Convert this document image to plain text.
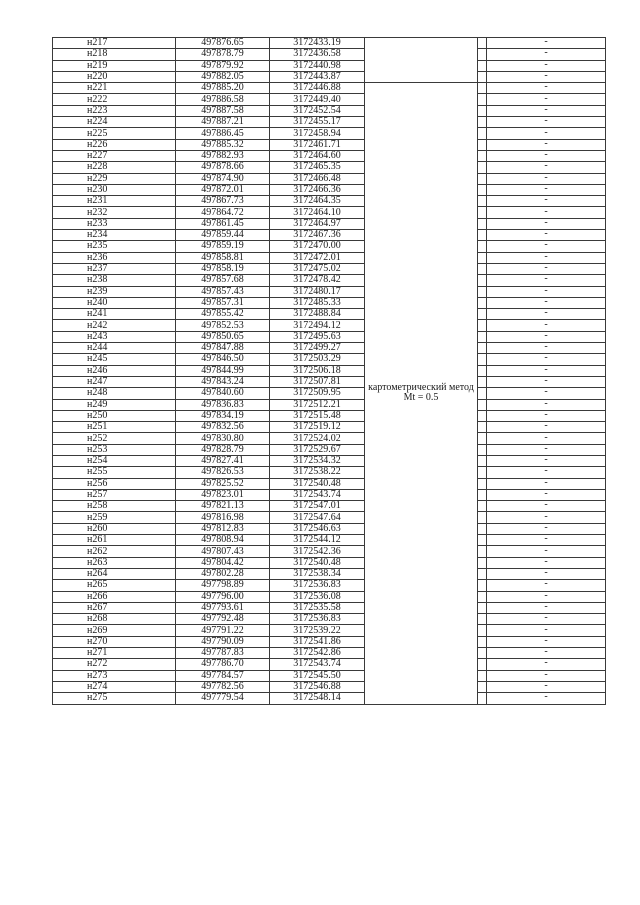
н217	497876.65	3172433.19			-
н218	497878.79	3172436.58			-
н219	497879.92	3172440.98			-
н220	497882.05	3172443.87			-
н221	497885.20	3172446.88	картометрический метод Mt = 0.5		-
н222	497886.58	3172449.40			-
н223	497887.58	3172452.54			-
н224	497887.21	3172455.17			-
н225	497886.45	3172458.94			-
н226	497885.32	3172461.71			-
н227	497882.93	3172464.60			-
н228	497878.66	3172465.35			-
н229	497874.90	3172466.48			-
н230	497872.01	3172466.36			-
н231	497867.73	3172464.35			-
н232	497864.72	3172464.10			-
н233	497861.45	3172464.97			-
н234	497859.44	3172467.36			-
н235	497859.19	3172470.00			-
н236	497858.81	3172472.01			-
н237	497858.19	3172475.02			-
н238	497857.68	3172478.42			-
н239	497857.43	3172480.17			-
н240	497857.31	3172485.33			-
н241	497855.42	3172488.84			-
н242	497852.53	3172494.12			-
н243	497850.65	3172495.63			-
н244	497847.88	3172499.27			-
н245	497846.50	3172503.29			-
н246	497844.99	3172506.18			-
н247	497843.24	3172507.81			-
н248	497840.60	3172509.95			-
н249	497836.83	3172512.21			-
н250	497834.19	3172515.48			-
н251	497832.56	3172519.12			-
н252	497830.80	3172524.02			-
н253	497828.79	3172529.67			-
н254	497827.41	3172534.32			-
н255	497826.53	3172538.22			-
н256	497825.52	3172540.48			-
н257	497823.01	3172543.74			-
н258	497821.13	3172547.01			-
н259	497816.98	3172547.64			-
н260	497812.83	3172546.63			-
н261	497808.94	3172544.12			-
н262	497807.43	3172542.36			-
н263	497804.42	3172540.48			-
н264	497802.28	3172538.34			-
н265	497798.89	3172536.83			-
н266	497796.00	3172536.08			-
н267	497793.61	3172535.58			-
н268	497792.48	3172536.83			-
н269	497791.22	3172539.22			-
н270	497790.09	3172541.86			-
н271	497787.83	3172542.86			-
н272	497786.70	3172543.74			-
н273	497784.57	3172545.50			-
н274	497782.56	3172546.88			-
н275	497779.54	3172548.14			-
